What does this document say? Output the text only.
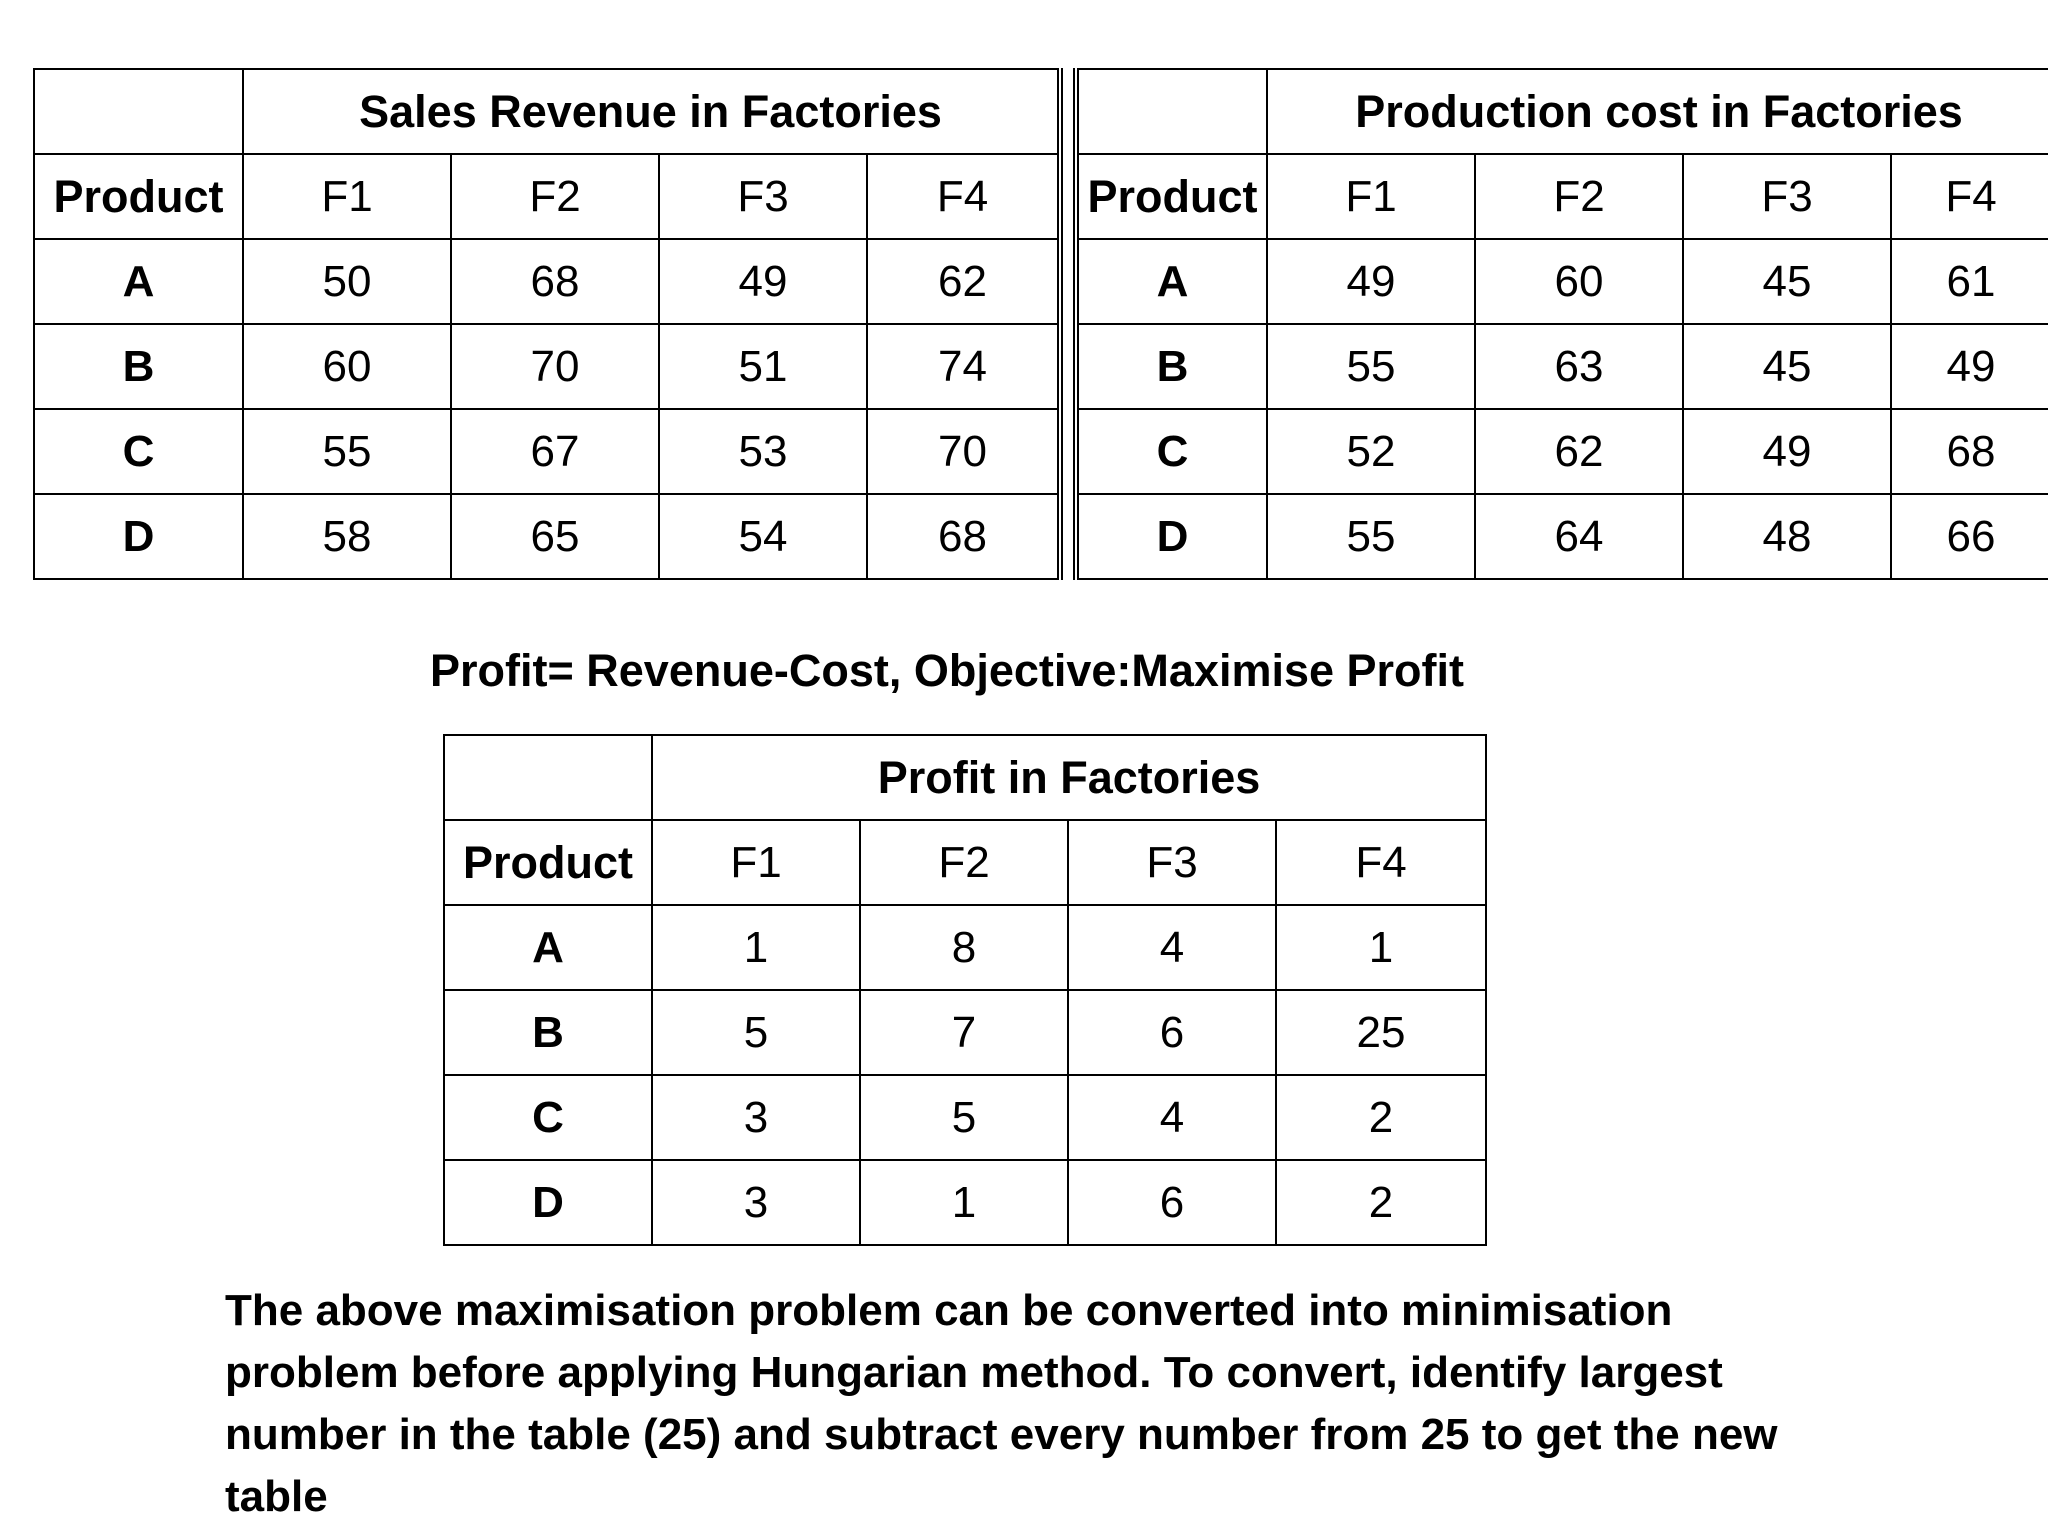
	Sales Revenue in Factories			
Product	F1	F2	F3	F4
A	50	68	49	62
B	60	70	51	74
C	55	67	53	70
D	58	65	54	68
	Production cost in Factories			
Product	F1	F2	F3	F4
A	49	60	45	61
B	55	63	45	49
C	52	62	49	68
D	55	64	48	66
Profit= Revenue-Cost, Objective:Maximise Profit
	Profit in Factories			
Product	F1	F2	F3	F4
A	1	8	4	1
B	5	7	6	25
C	3	5	4	2
D	3	1	6	2
The above maximisation problem can be converted into minimisation problem before applying Hungarian method. To convert, identify largest number in the table (25) and subtract every number from 25 to get the new table
